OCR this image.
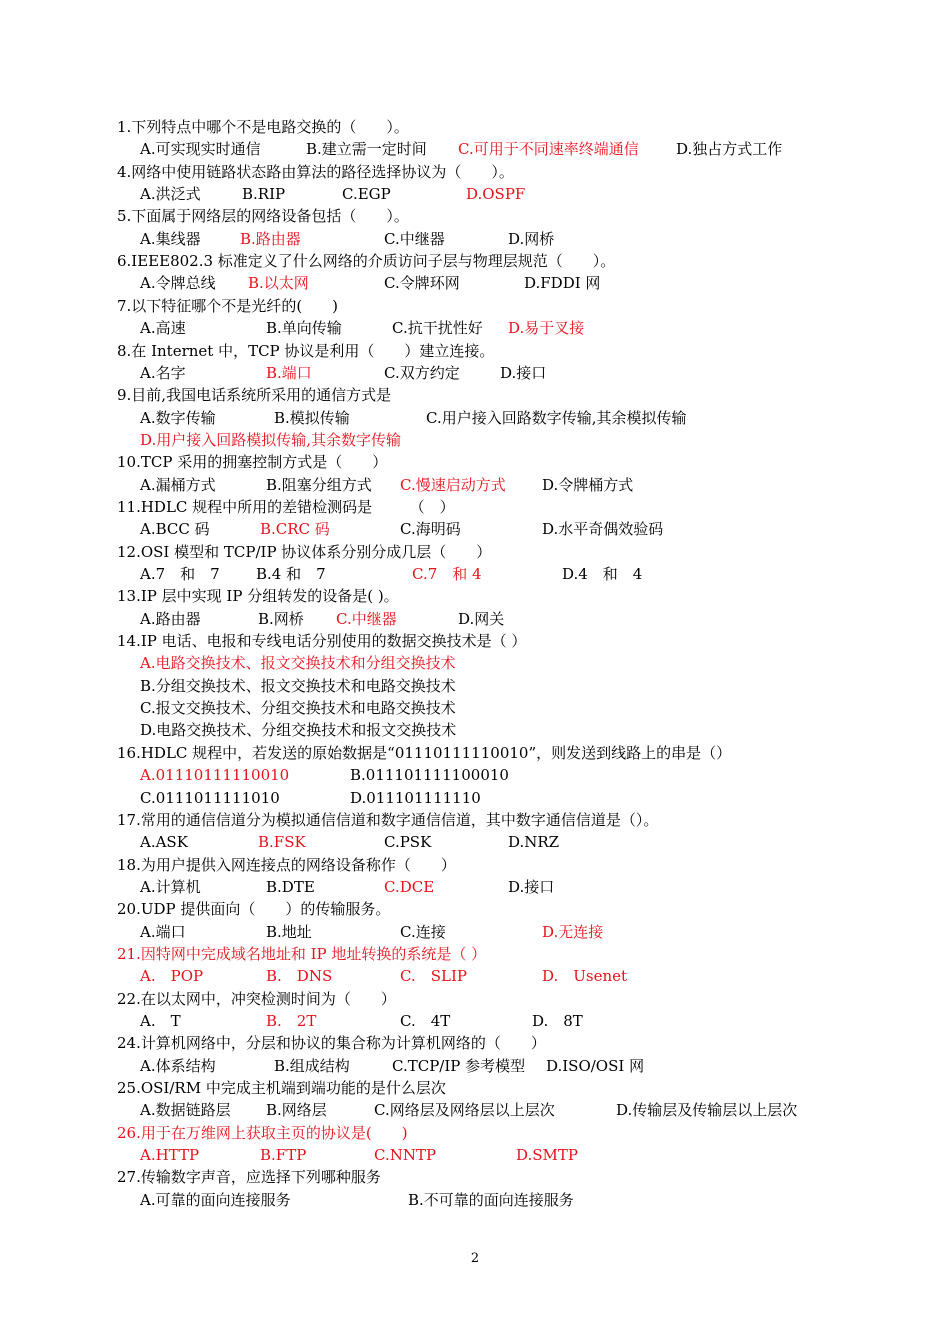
1.下列特点中哪个不是电路交换的（　　）。
A.可实现实时通信	B.建立需一定时间 C.可用于不同速率终端通信 D.独占方式工作
4.网络中使用链路状态路由算法的路径选择协议为（　　）。
A.洪泛式	B.RIP	C.EGP	D.OSPF
5.下面属于网络层的网络设备包括（　　）。
A.集线器	B.路由器	C.中继器	D.网桥
6.IEEE802.3 标准定义了什么网络的介质访问子层与物理层规范（　　）。
A.令牌总线 B.以太网	C.令牌环网	D.FDDI 网
7.以下特征哪个不是光纤的(　　)
A.高速	B.单向传输	C.抗干扰性好 D.易于叉接
8.在 Internet 中，TCP 协议是利用（　　）建立连接。
A.名字	B.端口	C.双方约定	D.接口
9.目前,我国电话系统所采用的通信方式是
A.数字传输	B.模拟传输	C.用户接入回路数字传输,其余模拟传输
D.用户接入回路模拟传输,其余数字传输
10.TCP 采用的拥塞控制方式是（　　）
A.漏桶方式	B.阻塞分组方式 C.慢速启动方式 D.令牌桶方式
11.HDLC 规程中所用的差错检测码是　　　（　）
A.BCC 码	B.CRC 码	C.海明码	D.水平奇偶效验码
12.OSI 模型和 TCP/IP 协议体系分别分成几层（　　）
A.7　和　7 B.4 和　7	C.7　和 4	D.4　和　4
13.IP 层中实现 IP 分组转发的设备是( )。
A.路由器	B.网桥 C.中继器	D.网关
14.IP 电话、电报和专线电话分别使用的数据交换技术是（ ）
A.电路交换技术、报文交换技术和分组交换技术
B.分组交换技术、报文交换技术和电路交换技术
C.报文交换技术、分组交换技术和电路交换技术
D.电路交换技术、分组交换技术和报文交换技术
16.HDLC 规程中，若发送的原始数据是“01110111110010”，则发送到线路上的串是（）
A.01110111110010	B.011101111100010
C.0111011111010	D.011101111110
17.常用的通信信道分为模拟通信信道和数字通信信道，其中数字通信信道是（）。
A.ASK	B.FSK	C.PSK	D.NRZ
18.为用户提供入网连接点的网络设备称作（　　）
A.计算机	B.DTE	C.DCE	D.接口
20.UDP 提供面向（　　）的传输服务。
A.端口	B.地址	C.连接	D.无连接
21.因特网中完成域名地址和 IP 地址转换的系统是（ ）
A.　POP	B.　DNS	C.　SLIP	D.　Usenet
22.在以太网中，冲突检测时间为（　　）
A.　T	B.　2T	C.　4T	D.　8T
24.计算机网络中，分层和协议的集合称为计算机网络的（　　）
A.体系结构	B.组成结构	C.TCP/IP 参考模型 D.ISO/OSI 网
25.OSI/RM 中完成主机端到端功能的是什么层次
A.数据链路层 B.网络层	C.网络层及网络层以上层次	D.传输层及传输层以上层次
26.用于在万维网上获取主页的协议是(　　)
A.HTTP	B.FTP	C.NNTP	D.SMTP
27.传输数字声音，应选择下列哪种服务
A.可靠的面向连接服务	B.不可靠的面向连接服务
2
